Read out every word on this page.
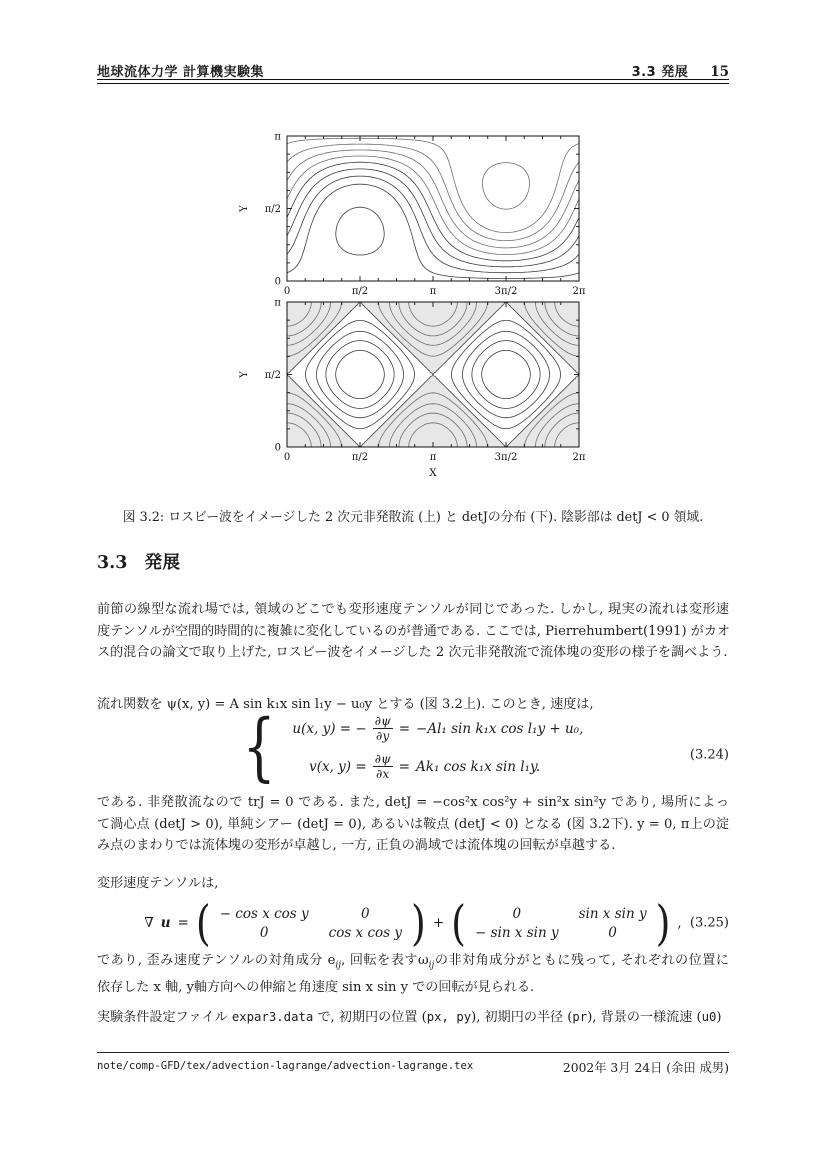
地球流体力学 計算機実験集	3.3 発展 15
0	π/2	π	3π/2	2π
0
π/2
π
Y
0	π/2	π	3π/2	2π
0
π/2
π
Y
X
図 3.2: ロスビー波をイメージした 2 次元非発散流 (上) と detJの分布 (下). 陰影部は detJ < 0 領域.
3.3 発展
前節の線型な流れ場では, 領域のどこでも変形速度テンソルが同じであった. しかし, 現実の流れは変形速
度テンソルが空間的時間的に複雑に変化しているのが普通である. ここでは, Pierrehumbert(1991) がカオ
ス的混合の論文で取り上げた, ロスビー波をイメージした 2 次元非発散流で流体塊の変形の様子を調べよう.
流れ関数を ψ(x, y) = A sin k₁x sin l₁y − u₀y とする (図 3.2上). このとき, 速度は,
{	u(x, y) = − $\frac{\partial\psi}{\partial y} = -Al_1$ sin k₁x cos l₁y + u₀,
v(x, $y) = \frac{\partial\psi}{\partial x} = Ak_1$ cos k₁x sin l₁y.
(3.24)
である. 非発散流なので trJ = 0 である. また, detJ = −cos²x cos²y + sin²x sin²y であり, 場所によっ
て渦心点 (detJ > 0), 単純シアー (detJ = 0), あるいは鞍点 (detJ < 0) となる (図 3.2下). y = 0, π上の淀
み点のまわりでは流体塊の変形が卓越し, 一方, 正負の渦域では流体塊の回転が卓越する.
変形速度テンソルは,
∇ u = ( − cos x cos y	0
0	cos x cos y ) + (	0	sin x sin y
− sin x sin y	0	) , (3.25)
であり, 歪み速度テンソルの対角成分 $e_{ij}$, 回転を表す$\omega_{ij}$の非対角成分がともに残って, それぞれの位置に
依存した x 軸, y軸方向への伸縮と角速度 sin x sin y での回転が見られる.
実験条件設定ファイル expar3.data で, 初期円の位置 (px, py), 初期円の半径 (pr), 背景の一様流速 (u0)
note/comp-GFD/tex/advection-lagrange/advection-lagrange.tex	2002年 3月 24日 (余田 成男)
